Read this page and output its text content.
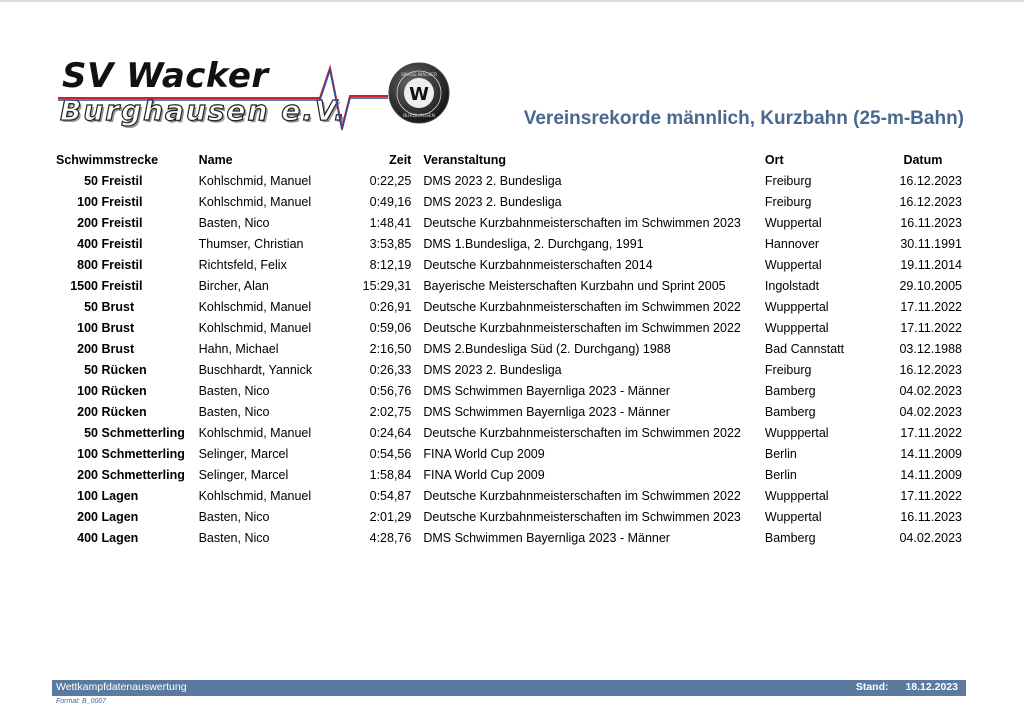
SV Wacker
Burghausen e.V.	W
SPVGG WACKER
BURGHAUSEN	Vereinsrekorde männlich, Kurzbahn (25-m-Bahn)
Schwimmstrecke	Name	Zeit	Veranstaltung	Ort	Datum
50 Freistil	Kohlschmid, Manuel	0:22,25	DMS 2023 2. Bundesliga	Freiburg	16.12.2023
100 Freistil	Kohlschmid, Manuel	0:49,16	DMS 2023 2. Bundesliga	Freiburg	16.12.2023
200 Freistil	Basten, Nico	1:48,41	Deutsche Kurzbahnmeisterschaften im Schwimmen 2023	Wuppertal	16.11.2023
400 Freistil	Thumser, Christian	3:53,85	DMS 1.Bundesliga, 2. Durchgang, 1991	Hannover	30.11.1991
800 Freistil	Richtsfeld, Felix	8:12,19	Deutsche Kurzbahnmeisterschaften 2014	Wuppertal	19.11.2014
1500 Freistil	Bircher, Alan	15:29,31	Bayerische Meisterschaften Kurzbahn und Sprint 2005	Ingolstadt	29.10.2005
50 Brust	Kohlschmid, Manuel	0:26,91	Deutsche Kurzbahnmeisterschaften im Schwimmen 2022	Wupppertal	17.11.2022
100 Brust	Kohlschmid, Manuel	0:59,06	Deutsche Kurzbahnmeisterschaften im Schwimmen 2022	Wupppertal	17.11.2022
200 Brust	Hahn, Michael	2:16,50	DMS 2.Bundesliga Süd (2. Durchgang) 1988	Bad Cannstatt	03.12.1988
50 Rücken	Buschhardt, Yannick	0:26,33	DMS 2023 2. Bundesliga	Freiburg	16.12.2023
100 Rücken	Basten, Nico	0:56,76	DMS Schwimmen Bayernliga 2023 - Männer	Bamberg	04.02.2023
200 Rücken	Basten, Nico	2:02,75	DMS Schwimmen Bayernliga 2023 - Männer	Bamberg	04.02.2023
50 Schmetterling	Kohlschmid, Manuel	0:24,64	Deutsche Kurzbahnmeisterschaften im Schwimmen 2022	Wupppertal	17.11.2022
100 Schmetterling	Selinger, Marcel	0:54,56	FINA World Cup 2009	Berlin	14.11.2009
200 Schmetterling	Selinger, Marcel	1:58,84	FINA World Cup 2009	Berlin	14.11.2009
100 Lagen	Kohlschmid, Manuel	0:54,87	Deutsche Kurzbahnmeisterschaften im Schwimmen 2022	Wupppertal	17.11.2022
200 Lagen	Basten, Nico	2:01,29	Deutsche Kurzbahnmeisterschaften im Schwimmen 2023	Wuppertal	16.11.2023
400 Lagen	Basten, Nico	4:28,76	DMS Schwimmen Bayernliga 2023 - Männer	Bamberg	04.02.2023
Wettkampfdatenauswertung	Stand: 18.12.2023
Format: B_0007
